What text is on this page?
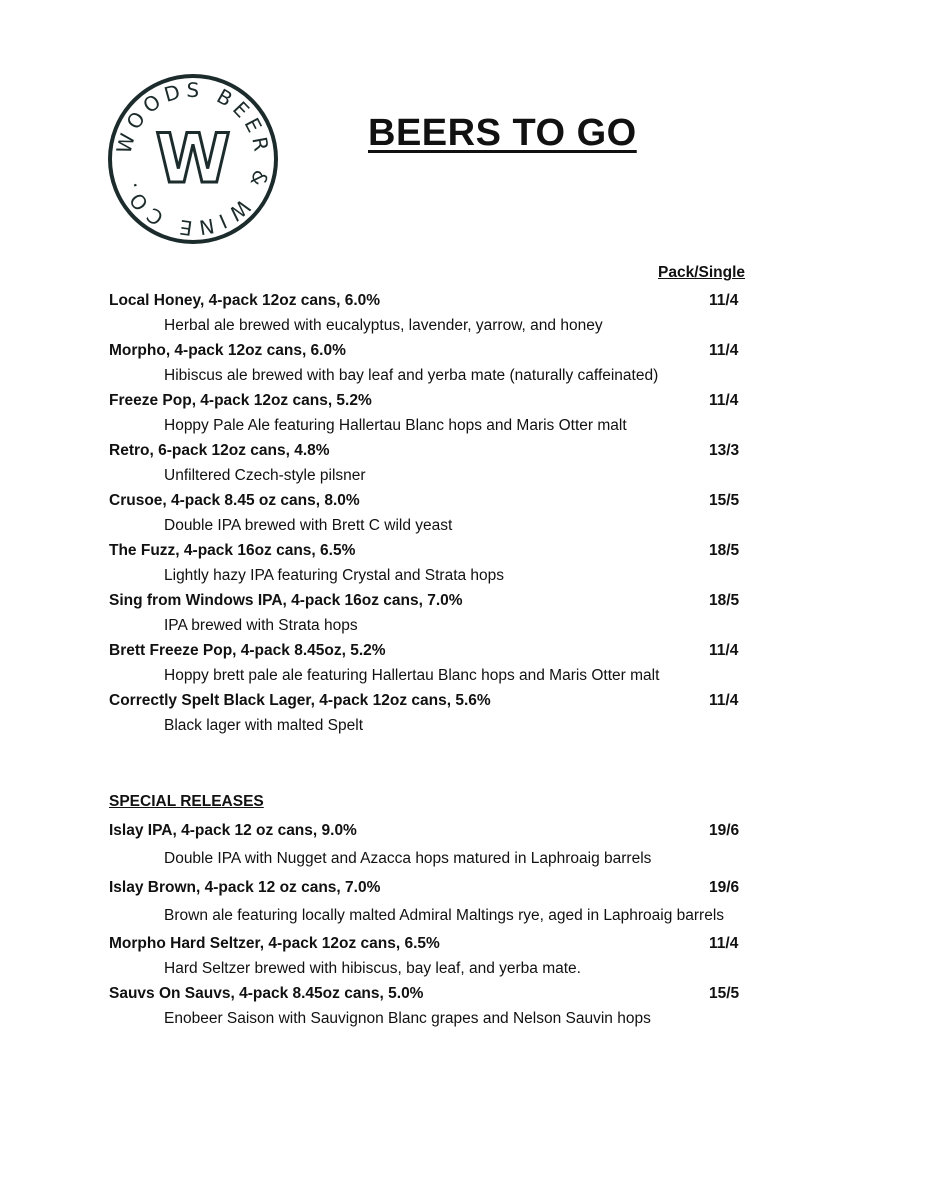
WOODS BEER & WINE CO. W	BEERS TO GO
Pack/Single
Local Honey, 4-pack 12oz cans, 6.0%	11/4
Herbal ale brewed with eucalyptus, lavender, yarrow, and honey
Morpho, 4-pack 12oz cans, 6.0%	11/4
Hibiscus ale brewed with bay leaf and yerba mate (naturally caffeinated)
Freeze Pop, 4-pack 12oz cans, 5.2%	11/4
Hoppy Pale Ale featuring Hallertau Blanc hops and Maris Otter malt
Retro, 6-pack 12oz cans, 4.8%	13/3
Unfiltered Czech-style pilsner
Crusoe, 4-pack 8.45 oz cans, 8.0%	15/5
Double IPA brewed with Brett C wild yeast
The Fuzz, 4-pack 16oz cans, 6.5%	18/5
Lightly hazy IPA featuring Crystal and Strata hops
Sing from Windows IPA, 4-pack 16oz cans, 7.0%	18/5
IPA brewed with Strata hops
Brett Freeze Pop, 4-pack 8.45oz, 5.2%	11/4
Hoppy brett pale ale featuring Hallertau Blanc hops and Maris Otter malt
Correctly Spelt Black Lager, 4-pack 12oz cans, 5.6%	11/4
Black lager with malted Spelt
SPECIAL RELEASES
Islay IPA, 4-pack 12 oz cans, 9.0%	19/6
Double IPA with Nugget and Azacca hops matured in Laphroaig barrels
Islay Brown, 4-pack 12 oz cans, 7.0%	19/6
Brown ale featuring locally malted Admiral Maltings rye, aged in Laphroaig barrels
Morpho Hard Seltzer, 4-pack 12oz cans, 6.5%	11/4
Hard Seltzer brewed with hibiscus, bay leaf, and yerba mate.
Sauvs On Sauvs, 4-pack 8.45oz cans, 5.0%	15/5
Enobeer Saison with Sauvignon Blanc grapes and Nelson Sauvin hops
